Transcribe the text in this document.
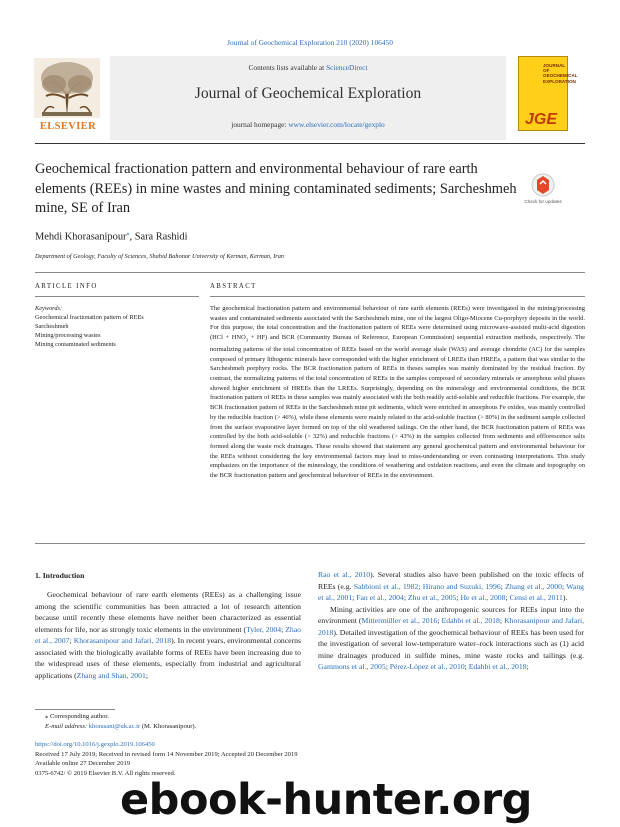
Journal of Geochemical Exploration 210 (2020) 106450
Contents lists available at ScienceDirect
Journal of Geochemical Exploration
journal homepage: www.elsevier.com/locate/gexplo
ELSEVIER
JOURNAL OF GEOCHEMICAL EXPLORATION
JGE
Geochemical fractionation pattern and environmental behaviour of rare earth elements (REEs) in mine wastes and mining contaminated sediments; Sarcheshmeh mine, SE of Iran	Check for updates
Mehdi Khorasanipour⁎, Sara Rashidi
Department of Geology, Faculty of Sciences, Shahid Bahonar University of Kerman, Kerman, Iran
ARTICLE INFO	ABSTRACT
Keywords:
Geochemical fractionation pattern of REEs
Sarcheshmeh
Mining/processing wastes
Mining contaminated sediments
The geochemical fractionation pattern and environmental behaviour of rare earth elements (REEs) were investigated in the mining/processing wastes and contaminated sediments associated with the Sarcheshmeh mine, one of the largest Oligo-Miocene Cu-porphyry deposits in the world. For this purpose, the total concentration and the fractionation pattern of REEs were determined using microwave-assisted multi-acid digestion $(HCl + HNO_3 + HF)$ and BCR (Community Bureau of Reference, European Commission) sequential extraction methods, respectively. The normalizing patterns of the total concentration of REEs based on the world average shale (WAS) and average chondrite (AC) for the samples composed of primary lithogenic minerals have corresponded with the higher enrichment of LREEs than HREEs, a pattern that was similar to the Sarcheshmeh porphyry rocks. The BCR fractionation pattern of REEs in theses samples was mainly dominated by the residual fraction. By contrast, the normalizing patterns of the total concentration of REEs in the samples composed of secondary minerals or amorphous solid phases showed higher enrichment of HREEs than the LREEs. Surprisingly, depending on the mineralogy and environmental conditions, the BCR fractionation pattern of REEs in these samples was mainly associated with the both readily acid-soluble and reducible fractions. For example, the BCR fractionation pattern of REEs in the Sarcheshmeh mine pit sediments, which were enriched in amorphous Fe oxides, was mainly controlled by the reducible fraction (> 46%), while these elements were mainly related to the acid-soluble fraction (> 80%) in the sediment sample collected from the surface evaporative layer formed on top of the old weathered tailings. On the other hand, the BCR fractionation pattern of REEs was controlled by the both acid-soluble (> 32%) and reducible fractions (> 43%) in the samples collected from sediments and efflorescence salts formed along the waste rock drainages. These results showed that statement any general geochemical pattern and environmental behaviour for the REEs without considering the key environmental factors may lead to miss-understanding or even contrasting interpretations. This study emphasizes on the importance of the mineralogy, the conditions of weathering and oxidation reactions, and even the climate and topography on the BCR fractionation pattern and geochemical behaviour of REEs in the environment.
1. Introduction
Geochemical behaviour of rare earth elements (REEs) as a challenging issue among the scientific communities has been attracted a lot of research attention because until recently these elements have neither been characterized as essential elements for life, nor as strongly toxic elements in the environment (Tyler, 2004; Zhao et al., 2007; Khorasanipour and Jafari, 2018). In recent years, environmental concerns associated with the biologically available forms of REEs have been increasing due to the widespread uses of these elements, especially from industrial and agricultural applications (Zhang and Shan, 2001;
Rao et al., 2010). Several studies also have been published on the toxic effects of REEs (e.g. Sabbioni et al., 1982; Hirano and Suzuki, 1996; Zhang et al., 2000; Wang et al., 2001; Fan et al., 2004; Zhu et al., 2005; He et al., 2008; Censi et al., 2011).
Mining activities are one of the anthropogenic sources for REEs input into the environment (Mittermüller et al., 2016; Edahbi et al., 2018; Khorasanipour and Jafari, 2018). Detailed investigation of the geochemical behaviour of REEs has been used for the investigation of several low-temperature water–rock interactions such as (1) acid mine drainages produced in sulfide mines, mine waste rocks and tailings (e.g. Gammons et al., 2005; Pérez-López et al., 2010; Edahbi et al., 2018;
⁎ Corresponding author.
E-mail address: khorasani@uk.ac.ir (M. Khorasanipour).
https://doi.org/10.1016/j.gexplo.2019.106450
Received 17 July 2019; Received in revised form 14 November 2019; Accepted 20 December 2019
Available online 27 December 2019
0375-6742/ © 2019 Elsevier B.V. All rights reserved.
ebook-hunter.org
